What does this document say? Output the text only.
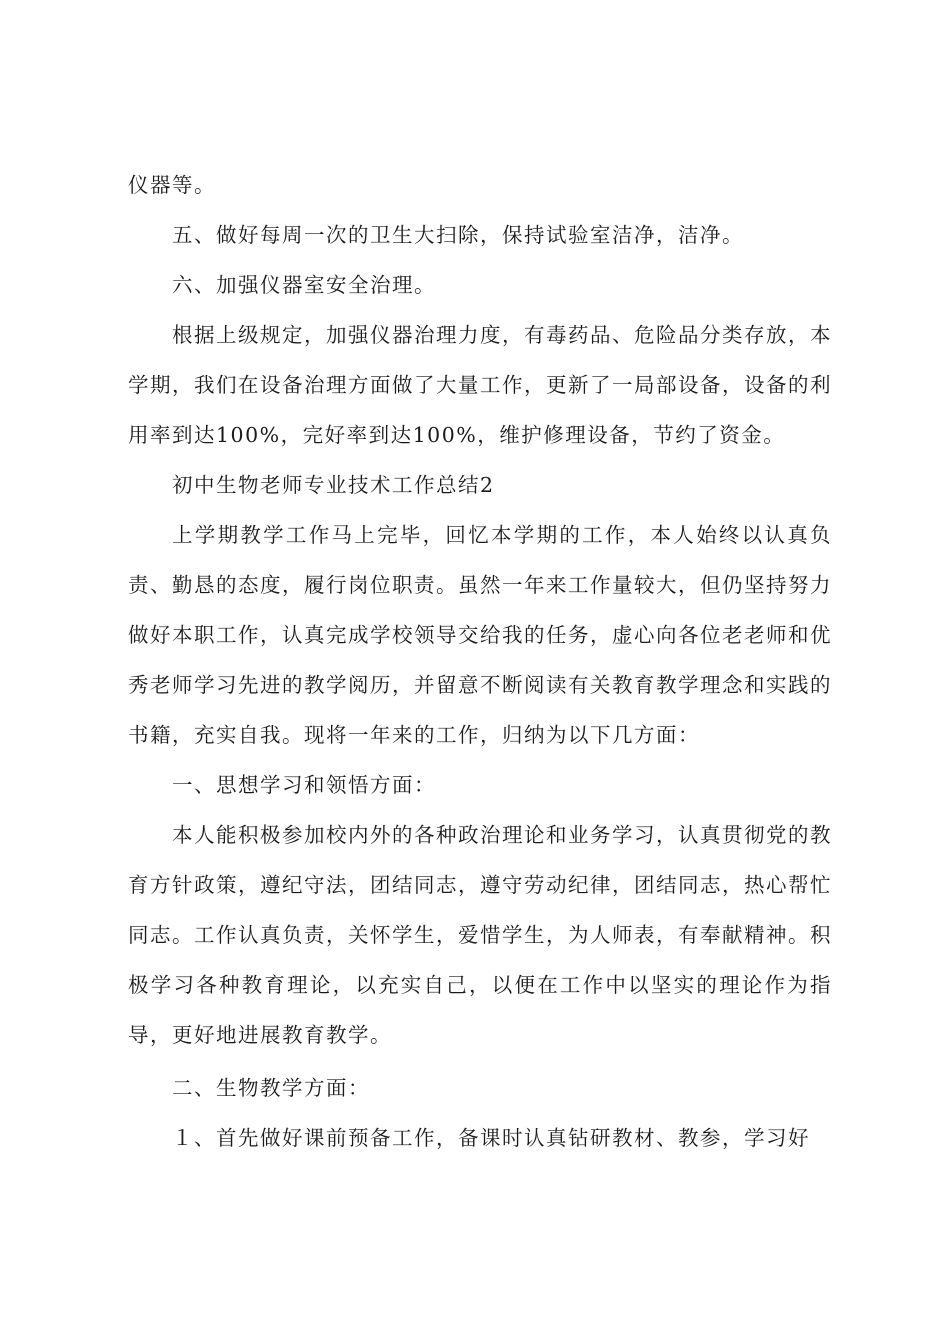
仪器等。

五、做好每周一次的卫生大扫除，保持试验室洁净，洁净。

六、加强仪器室安全治理。

根据上级规定，加强仪器治理力度，有毒药品、危险品分类存放，本学期，我们在设备治理方面做了大量工作，更新了一局部设备，设备的利用率到达100%，完好率到达100%，维护修理设备，节约了资金。

初中生物老师专业技术工作总结2

上学期教学工作马上完毕，回忆本学期的工作，本人始终以认真负责、勤恳的态度，履行岗位职责。虽然一年来工作量较大，但仍坚持努力做好本职工作，认真完成学校领导交给我的任务，虚心向各位老老师和优秀老师学习先进的教学阅历，并留意不断阅读有关教育教学理念和实践的书籍，充实自我。现将一年来的工作，归纳为以下几方面：

一、思想学习和领悟方面：

本人能积极参加校内外的各种政治理论和业务学习，认真贯彻党的教育方针政策，遵纪守法，团结同志，遵守劳动纪律，团结同志，热心帮忙同志。工作认真负责，关怀学生，爱惜学生，为人师表，有奉献精神。积极学习各种教育理论，以充实自己，以便在工作中以坚实的理论作为指导，更好地进展教育教学。

二、生物教学方面：

１、首先做好课前预备工作，备课时认真钻研教材、教参，学习好
